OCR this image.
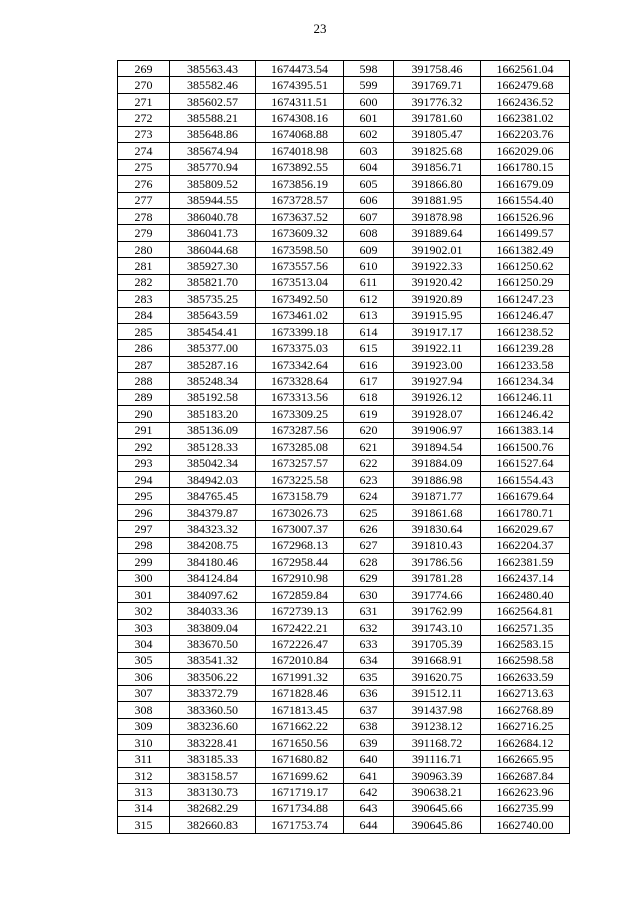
23
269	385563.43	1674473.54	598	391758.46	1662561.04
270	385582.46	1674395.51	599	391769.71	1662479.68
271	385602.57	1674311.51	600	391776.32	1662436.52
272	385588.21	1674308.16	601	391781.60	1662381.02
273	385648.86	1674068.88	602	391805.47	1662203.76
274	385674.94	1674018.98	603	391825.68	1662029.06
275	385770.94	1673892.55	604	391856.71	1661780.15
276	385809.52	1673856.19	605	391866.80	1661679.09
277	385944.55	1673728.57	606	391881.95	1661554.40
278	386040.78	1673637.52	607	391878.98	1661526.96
279	386041.73	1673609.32	608	391889.64	1661499.57
280	386044.68	1673598.50	609	391902.01	1661382.49
281	385927.30	1673557.56	610	391922.33	1661250.62
282	385821.70	1673513.04	611	391920.42	1661250.29
283	385735.25	1673492.50	612	391920.89	1661247.23
284	385643.59	1673461.02	613	391915.95	1661246.47
285	385454.41	1673399.18	614	391917.17	1661238.52
286	385377.00	1673375.03	615	391922.11	1661239.28
287	385287.16	1673342.64	616	391923.00	1661233.58
288	385248.34	1673328.64	617	391927.94	1661234.34
289	385192.58	1673313.56	618	391926.12	1661246.11
290	385183.20	1673309.25	619	391928.07	1661246.42
291	385136.09	1673287.56	620	391906.97	1661383.14
292	385128.33	1673285.08	621	391894.54	1661500.76
293	385042.34	1673257.57	622	391884.09	1661527.64
294	384942.03	1673225.58	623	391886.98	1661554.43
295	384765.45	1673158.79	624	391871.77	1661679.64
296	384379.87	1673026.73	625	391861.68	1661780.71
297	384323.32	1673007.37	626	391830.64	1662029.67
298	384208.75	1672968.13	627	391810.43	1662204.37
299	384180.46	1672958.44	628	391786.56	1662381.59
300	384124.84	1672910.98	629	391781.28	1662437.14
301	384097.62	1672859.84	630	391774.66	1662480.40
302	384033.36	1672739.13	631	391762.99	1662564.81
303	383809.04	1672422.21	632	391743.10	1662571.35
304	383670.50	1672226.47	633	391705.39	1662583.15
305	383541.32	1672010.84	634	391668.91	1662598.58
306	383506.22	1671991.32	635	391620.75	1662633.59
307	383372.79	1671828.46	636	391512.11	1662713.63
308	383360.50	1671813.45	637	391437.98	1662768.89
309	383236.60	1671662.22	638	391238.12	1662716.25
310	383228.41	1671650.56	639	391168.72	1662684.12
311	383185.33	1671680.82	640	391116.71	1662665.95
312	383158.57	1671699.62	641	390963.39	1662687.84
313	383130.73	1671719.17	642	390638.21	1662623.96
314	382682.29	1671734.88	643	390645.66	1662735.99
315	382660.83	1671753.74	644	390645.86	1662740.00
